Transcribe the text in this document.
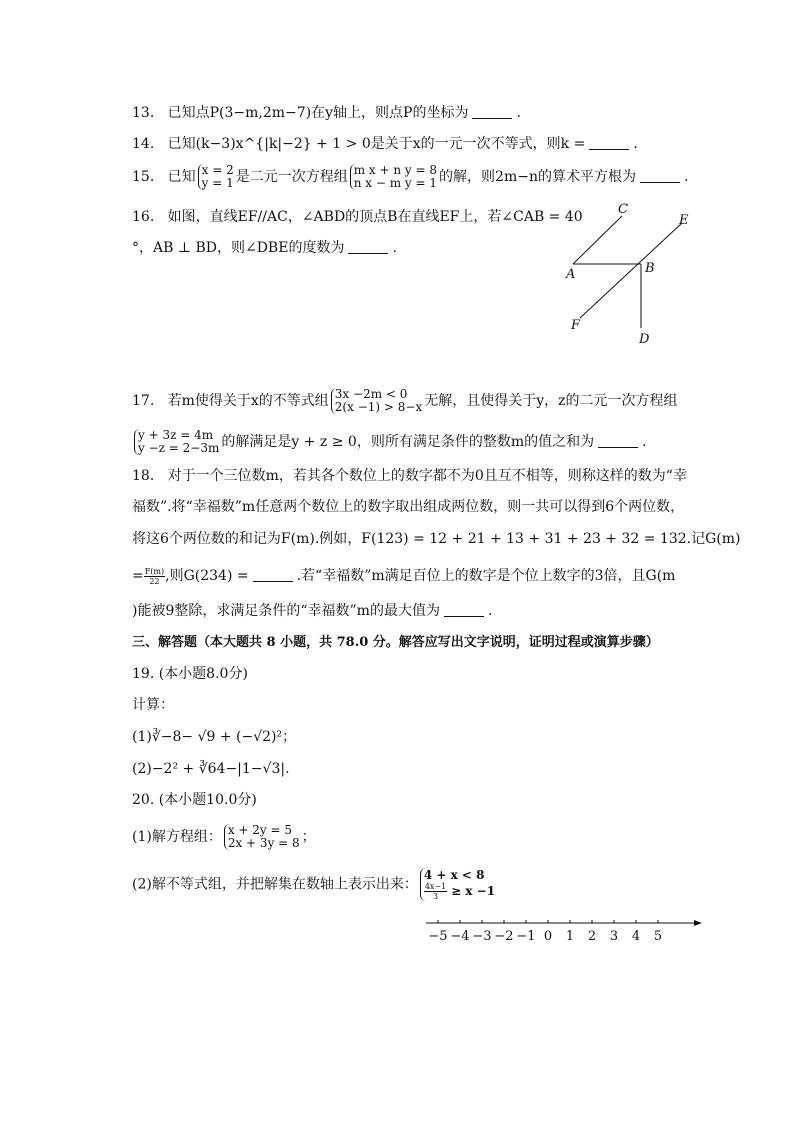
13. 已知点P(3−m,2m−7)在y轴上，则点P的坐标为	.
14. 已知(k−3)x^{|k|−2} + 1 > 0是关于x的一元一次不等式，则k =	.
15. 已知 x = 2
y = 1 是二元一次方程组 m x + n y = 8
n x − m y = 1 的解，则2m−n的算术平方根为	.
16. 如图，直线EF//AC，∠ABD的顶点B在直线EF上，若∠CAB = 40
°，AB ⊥ BD，则∠DBE的度数为	.
C
E
A	B
F
D
17. 若m使得关于x的不等式组 3x −2m < 0
2(x −1) > 8−x 无解，且使得关于y，z的二元一次方程组
y + 3z = 4m
y −z = 2−3m 的解满足是y + z ≥ 0，则所有满足条件的整数m的值之和为	.
18. 对于一个三位数m，若其各个数位上的数字都不为0且互不相等，则称这样的数为“幸
福数”.将“幸福数”m任意两个数位上的数字取出组成两位数，则一共可以得到6个两位数，
将这6个两位数的和记为F(m).例如，F(123) = 12 + 21 + 13 + 31 + 23 + 32 = 132.记G(m)
= $\frac{F(m)}{22}$ ,则G(234) =	.若“幸福数”m满足百位上的数字是个位上数字的3倍，且G(m
)能被9整除，求满足条件的“幸福数”m的最大值为	.
三、解答题（本大题共 8 小题，共 78.0 分。解答应写出文字说明，证明过程或演算步骤）
19. (本小题8.0分)
计算：
(1)∛−8− √9 + (−√2)²；
(2)−2² + ∛64−|1−√3|.
20. (本小题10.0分)
(1)解方程组： x + 2y = 5
2x + 3y = 8 ；
(2)解不等式组，并把解集在数轴上表示出来：4 + x < 8

$\frac{4x-1}{3} \ge x -1$
−5 −4 −3 −2 −1 0 1 2 3 4 5
